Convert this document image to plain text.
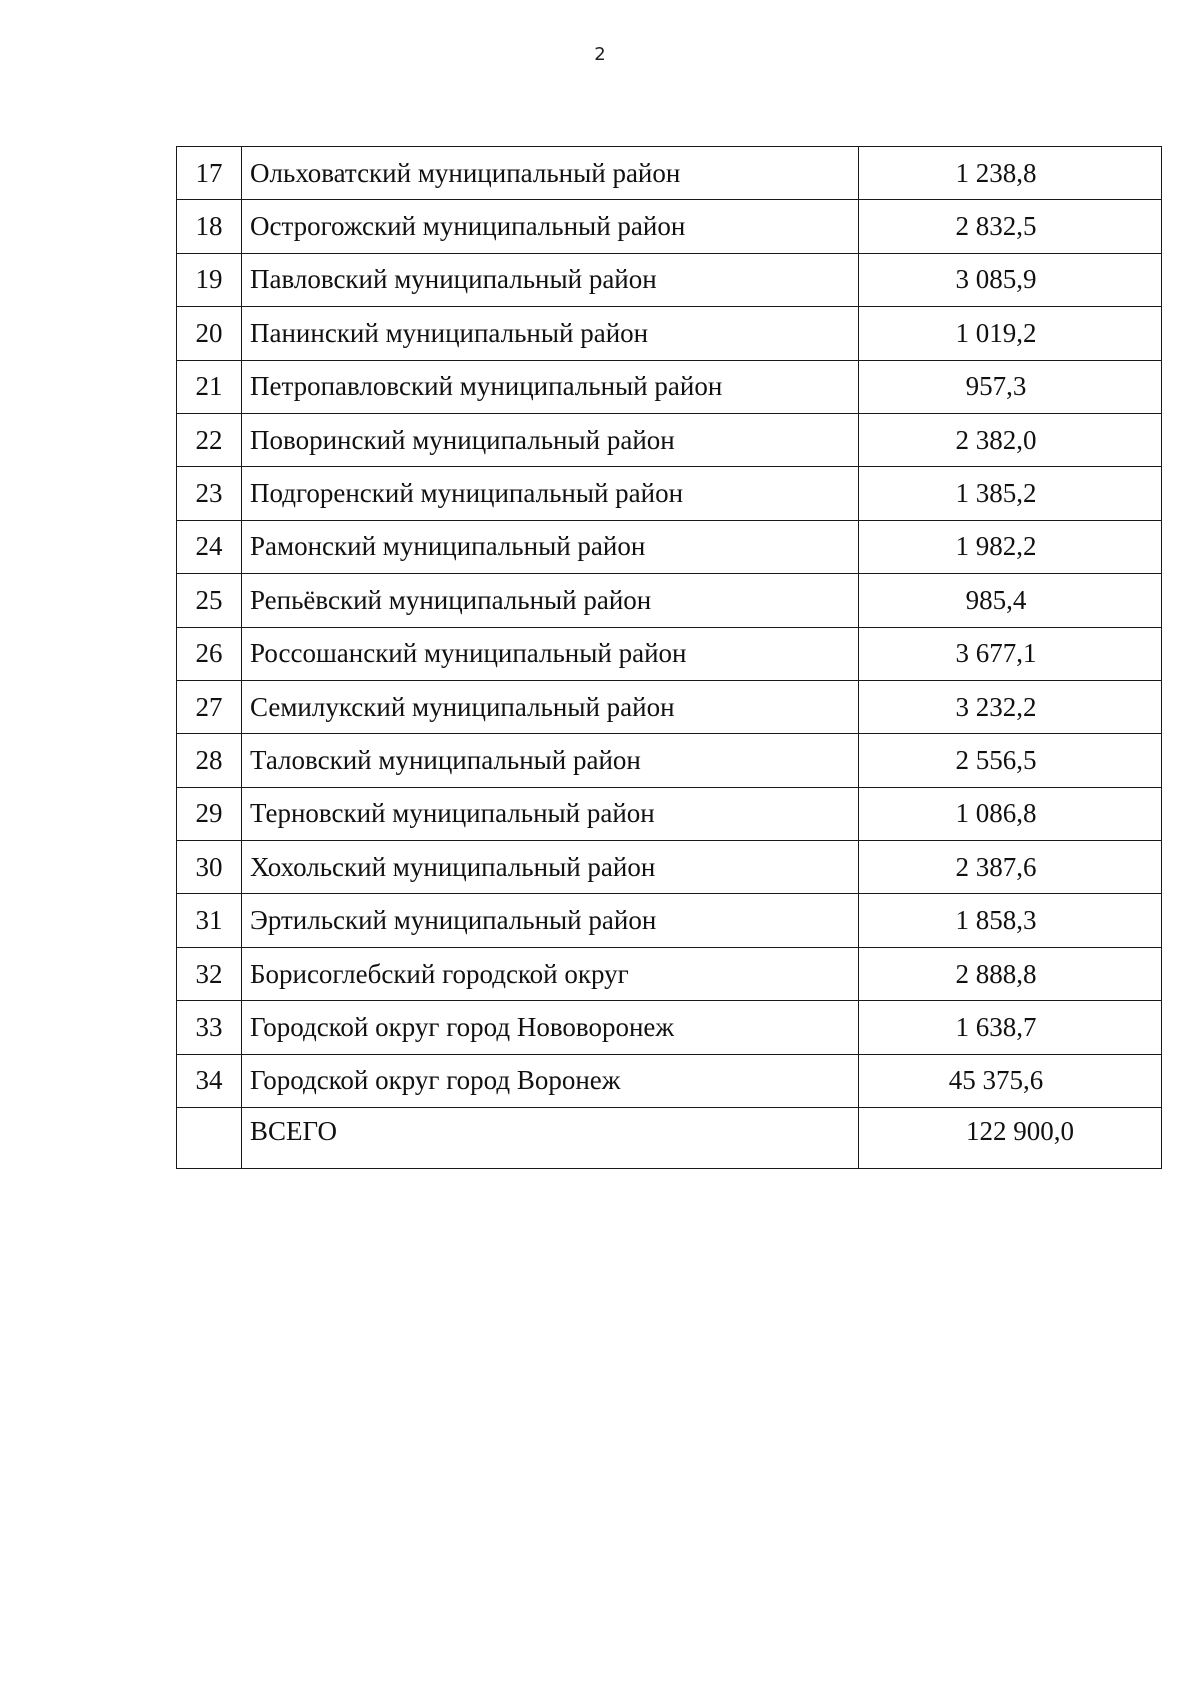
2
17	Ольховатский муниципальный район	1 238,8
18	Острогожский муниципальный район	2 832,5
19	Павловский муниципальный район	3 085,9
20	Панинский муниципальный район	1 019,2
21	Петропавловский муниципальный район	957,3
22	Поворинский муниципальный район	2 382,0
23	Подгоренский муниципальный район	1 385,2
24	Рамонский муниципальный район	1 982,2
25	Репьёвский муниципальный район	985,4
26	Россошанский муниципальный район	3 677,1
27	Семилукский муниципальный район	3 232,2
28	Таловский муниципальный район	2 556,5
29	Терновский муниципальный район	1 086,8
30	Хохольский муниципальный район	2 387,6
31	Эртильский муниципальный район	1 858,3
32	Борисоглебский городской округ	2 888,8
33	Городской округ город Нововоронеж	1 638,7
34	Городской округ город Воронеж	45 375,6
	ВСЕГО	122 900,0
